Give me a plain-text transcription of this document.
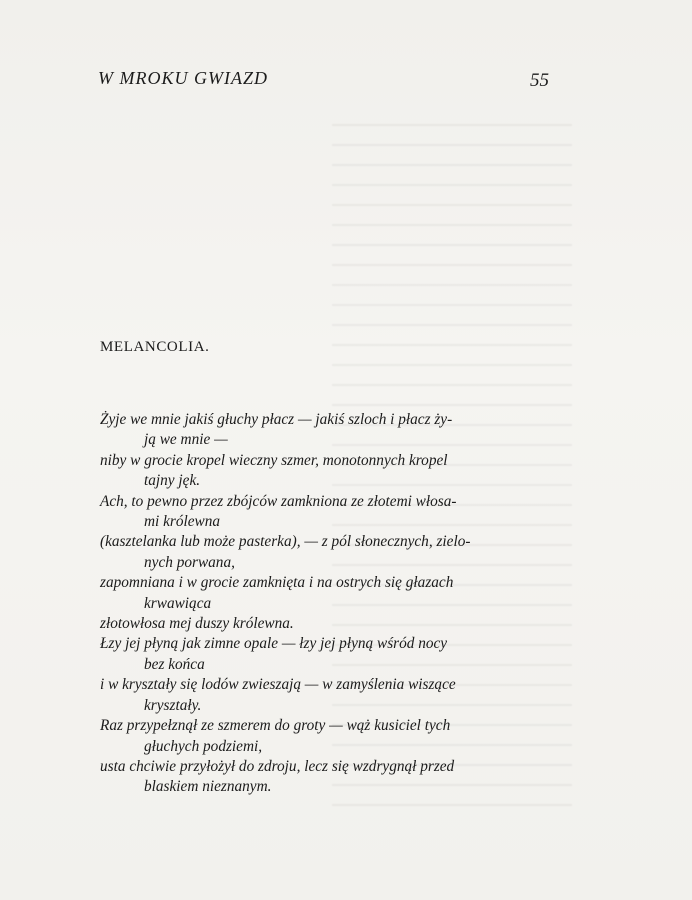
W MROKU GWIAZD	55
MELANCOLIA.
Żyje we mnie jakiś głuchy płacz — jakiś szloch i płacz ży-
ją we mnie —
niby w grocie kropel wieczny szmer, monotonnych kropel
tajny jęk.
Ach, to pewno przez zbójców zamkniona ze złotemi włosa-
mi królewna
(kasztelanka lub może pasterka), — z pól słonecznych, zielo-
nych porwana,
zapomniana i w grocie zamknięta i na ostrych się głazach
krwawiąca
złotowłosa mej duszy królewna.
Łzy jej płyną jak zimne opale — łzy jej płyną wśród nocy
bez końca
i w kryształy się lodów zwieszają — w zamyślenia wiszące
kryształy.
Raz przypełznął ze szmerem do groty — wąż kusiciel tych
głuchych podziemi,
usta chciwie przyłożył do zdroju, lecz się wzdrygnął przed
blaskiem nieznanym.
